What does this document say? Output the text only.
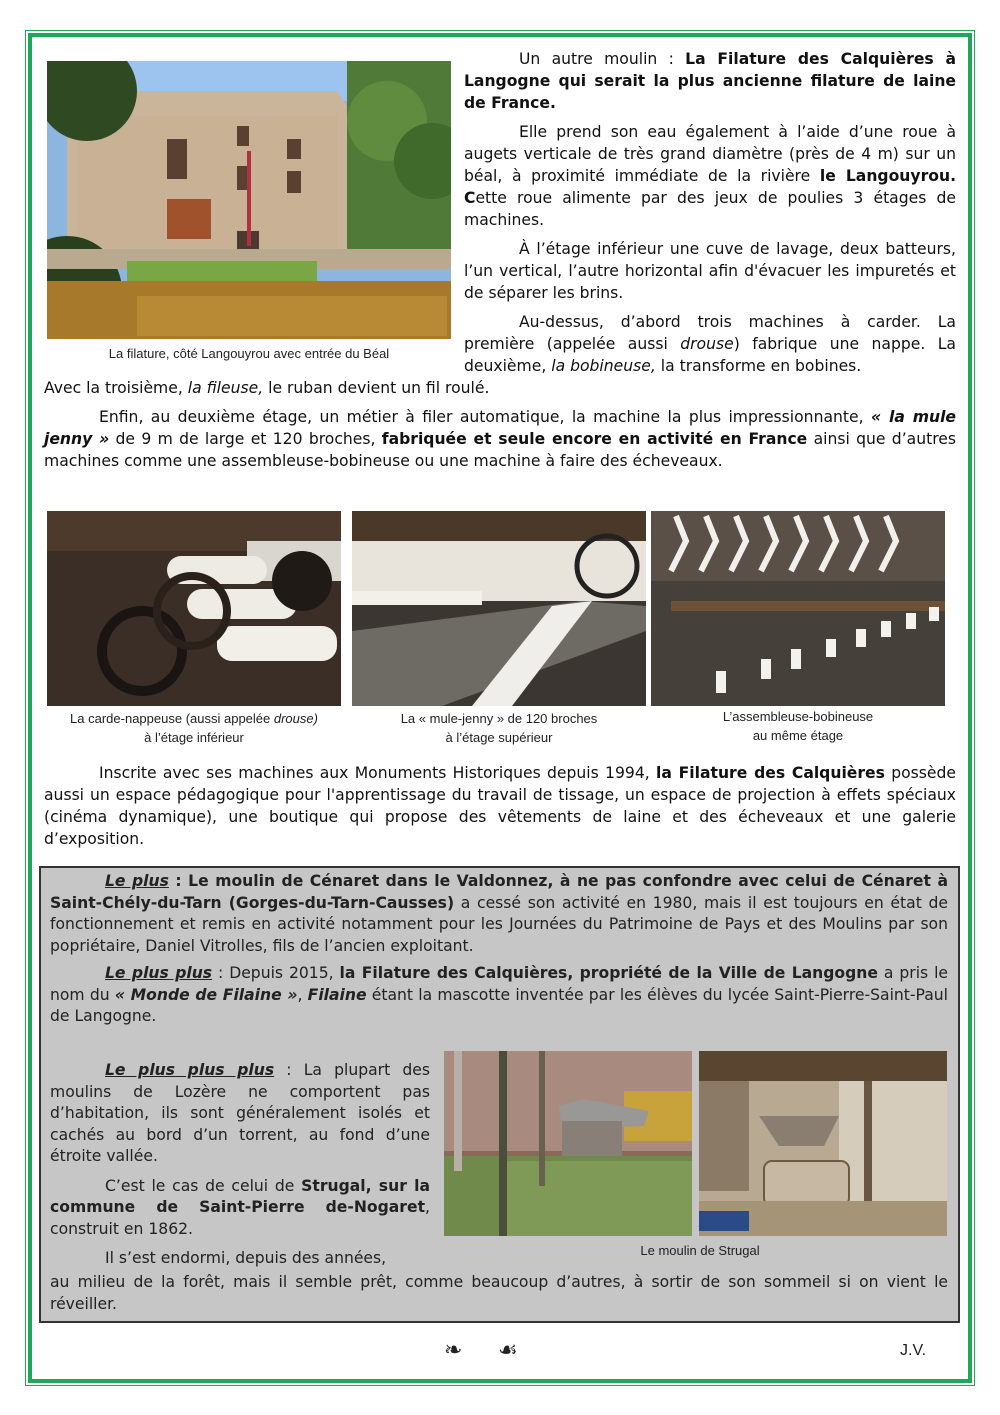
La filature, côté Langouyrou avec entrée du Béal

Un autre moulin : La Filature des Calquières à Langogne qui serait la plus ancienne filature de laine de France.

Elle prend son eau également à l’aide d’une roue à augets verticale de très grand diamètre (près de 4 m) sur un béal, à proximité immédiate de la rivière le Langouyrou. Cette roue alimente par des jeux de poulies 3 étages de machines.

À l’étage inférieur une cuve de lavage, deux batteurs, l’un vertical, l’autre horizontal afin d'évacuer les impuretés et de séparer les brins.

Au-dessus, d’abord trois machines à carder. La première (appelée aussi drouse) fabrique une nappe. La deuxième, la bobineuse, la transforme en bobines.

Avec la troisième, la fileuse, le ruban devient un fil roulé.

Enfin, au deuxième étage, un métier à filer automatique, la machine la plus impressionnante, « la mule jenny » de 9 m de large et 120 broches, fabriquée et seule encore en activité en France ainsi que d’autres machines comme une assembleuse-bobineuse ou une machine à faire des écheveaux.

La carde-nappeuse (aussi appelée drouse)
à l’étage inférieur
La « mule-jenny » de 120 broches
à l’étage supérieur
L’assembleuse-bobineuse
au même étage

Inscrite avec ses machines aux Monuments Historiques depuis 1994, la Filature des Calquières possède aussi un espace pédagogique pour l'apprentissage du travail de tissage, un espace de projection à effets spéciaux (cinéma dynamique), une boutique qui propose des vêtements de laine et des écheveaux et une galerie d’exposition.

Le plus : Le moulin de Cénaret dans le Valdonnez, à ne pas confondre avec celui de Cénaret à Saint-Chély-du-Tarn (Gorges-du-Tarn-Causses) a cessé son activité en 1980, mais il est toujours en état de fonctionnement et remis en activité notamment pour les Journées du Patrimoine de Pays et des Moulins par son popriétaire, Daniel Vitrolles, fils de l’ancien exploitant.

Le plus plus : Depuis 2015, la Filature des Calquières, propriété de la Ville de Langogne a pris le nom du « Monde de Filaine », Filaine étant la mascotte inventée par les élèves du lycée Saint-Pierre-Saint-Paul de Langogne.

Le plus plus plus : La plupart des moulins de Lozère ne comportent pas d’habitation, ils sont généralement isolés et cachés au bord d’un torrent, au fond d’une étroite vallée.

C’est le cas de celui de Strugal, sur la commune de Saint-Pierre de-Nogaret, construit en 1862.

Il s’est endormi, depuis des années,

au milieu de la forêt, mais il semble prêt, comme beaucoup d’autres, à sortir de son sommeil si on vient le réveiller.

Le moulin de Strugal
❧ ☙	J.V.
